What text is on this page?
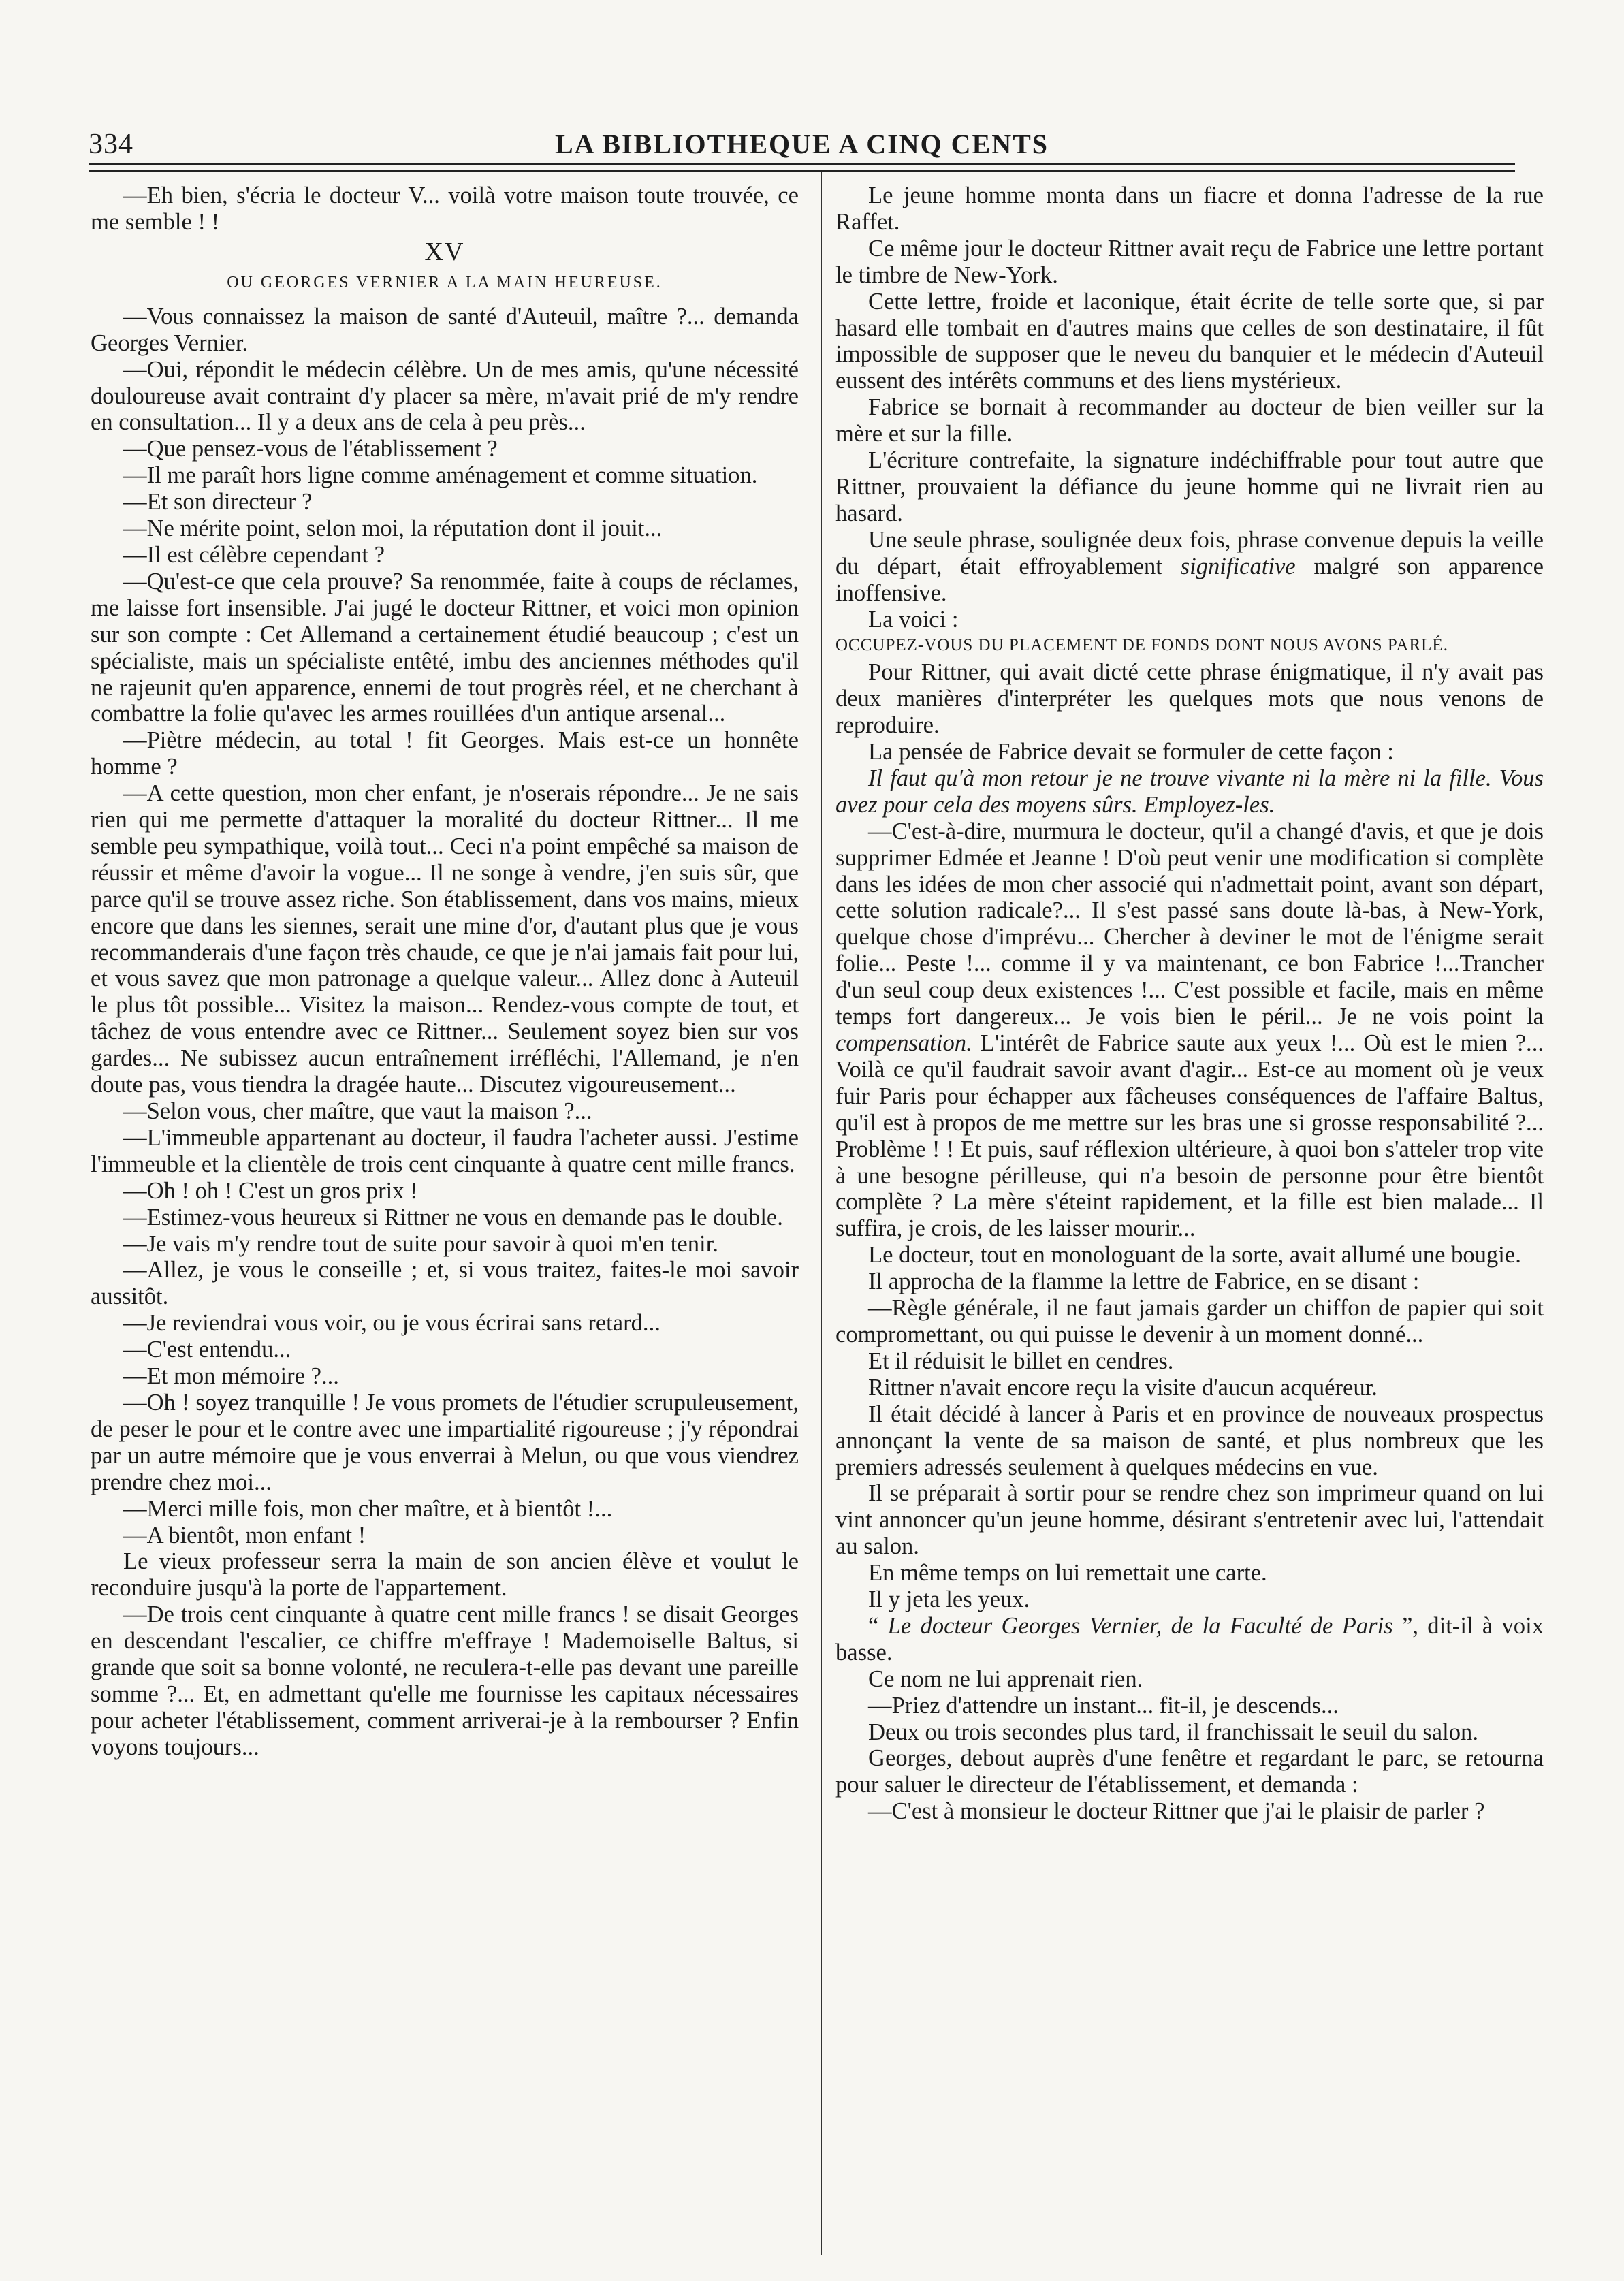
334	LA BIBLIOTHEQUE A CINQ CENTS

—Eh bien, s'écria le docteur V... voilà votre maison toute trouvée, ce me semble ! !

XV
OU GEORGES VERNIER A LA MAIN HEUREUSE.

—Vous connaissez la maison de santé d'Auteuil, maître ?... demanda Georges Vernier.

—Oui, répondit le médecin célèbre. Un de mes amis, qu'une nécessité douloureuse avait contraint d'y placer sa mère, m'avait prié de m'y rendre en consultation... Il y a deux ans de cela à peu près...

—Que pensez-vous de l'établissement ?

—Il me paraît hors ligne comme aménagement et comme situation.

—Et son directeur ?

—Ne mérite point, selon moi, la réputation dont il jouit...

—Il est célèbre cependant ?

—Qu'est-ce que cela prouve? Sa renommée, faite à coups de réclames, me laisse fort insensible. J'ai jugé le docteur Rittner, et voici mon opinion sur son compte : Cet Allemand a certainement étudié beaucoup ; c'est un spécialiste, mais un spécialiste entêté, imbu des anciennes méthodes qu'il ne rajeunit qu'en apparence, ennemi de tout progrès réel, et ne cherchant à combattre la folie qu'avec les armes rouillées d'un antique arsenal...

—Piètre médecin, au total ! fit Georges. Mais est-ce un honnête homme ?

—A cette question, mon cher enfant, je n'oserais répondre... Je ne sais rien qui me permette d'attaquer la moralité du docteur Rittner... Il me semble peu sympathique, voilà tout... Ceci n'a point empêché sa maison de réussir et même d'avoir la vogue... Il ne songe à vendre, j'en suis sûr, que parce qu'il se trouve assez riche. Son établissement, dans vos mains, mieux encore que dans les siennes, serait une mine d'or, d'autant plus que je vous recommanderais d'une façon très chaude, ce que je n'ai jamais fait pour lui, et vous savez que mon patronage a quelque valeur... Allez donc à Auteuil le plus tôt possible... Visitez la maison... Rendez-vous compte de tout, et tâchez de vous entendre avec ce Rittner... Seulement soyez bien sur vos gardes... Ne subissez aucun entraînement irréfléchi, l'Allemand, je n'en doute pas, vous tiendra la dragée haute... Discutez vigoureusement...

—Selon vous, cher maître, que vaut la maison ?...

—L'immeuble appartenant au docteur, il faudra l'acheter aussi. J'estime l'immeuble et la clientèle de trois cent cinquante à quatre cent mille francs.

—Oh ! oh ! C'est un gros prix !

—Estimez-vous heureux si Rittner ne vous en demande pas le double.

—Je vais m'y rendre tout de suite pour savoir à quoi m'en tenir.

—Allez, je vous le conseille ; et, si vous traitez, faites-le moi savoir aussitôt.

—Je reviendrai vous voir, ou je vous écrirai sans retard...

—C'est entendu...

—Et mon mémoire ?...

—Oh ! soyez tranquille ! Je vous promets de l'étudier scrupuleusement, de peser le pour et le contre avec une impartialité rigoureuse ; j'y répondrai par un autre mémoire que je vous enverrai à Melun, ou que vous viendrez prendre chez moi...

—Merci mille fois, mon cher maître, et à bientôt !...

—A bientôt, mon enfant !

Le vieux professeur serra la main de son ancien élève et voulut le reconduire jusqu'à la porte de l'appartement.

—De trois cent cinquante à quatre cent mille francs ! se disait Georges en descendant l'escalier, ce chiffre m'effraye ! Mademoiselle Baltus, si grande que soit sa bonne volonté, ne reculera-t-elle pas devant une pareille somme ?... Et, en admettant qu'elle me fournisse les capitaux nécessaires pour acheter l'établissement, comment arriverai-je à la rembourser ? Enfin voyons toujours...

Le jeune homme monta dans un fiacre et donna l'adresse de la rue Raffet.

Ce même jour le docteur Rittner avait reçu de Fabrice une lettre portant le timbre de New-York.

Cette lettre, froide et laconique, était écrite de telle sorte que, si par hasard elle tombait en d'autres mains que celles de son destinataire, il fût impossible de supposer que le neveu du banquier et le médecin d'Auteuil eussent des intérêts communs et des liens mystérieux.

Fabrice se bornait à recommander au docteur de bien veiller sur la mère et sur la fille.

L'écriture contrefaite, la signature indéchiffrable pour tout autre que Rittner, prouvaient la défiance du jeune homme qui ne livrait rien au hasard.

Une seule phrase, soulignée deux fois, phrase convenue depuis la veille du départ, était effroyablement significative malgré son apparence inoffensive.

La voici :

OCCUPEZ-VOUS DU PLACEMENT DE FONDS DONT NOUS AVONS PARLÉ.

Pour Rittner, qui avait dicté cette phrase énigmatique, il n'y avait pas deux manières d'interpréter les quelques mots que nous venons de reproduire.

La pensée de Fabrice devait se formuler de cette façon :

Il faut qu'à mon retour je ne trouve vivante ni la mère ni la fille. Vous avez pour cela des moyens sûrs. Employez-les.

—C'est-à-dire, murmura le docteur, qu'il a changé d'avis, et que je dois supprimer Edmée et Jeanne ! D'où peut venir une modification si complète dans les idées de mon cher associé qui n'admettait point, avant son départ, cette solution radicale?... Il s'est passé sans doute là-bas, à New-York, quelque chose d'imprévu... Chercher à deviner le mot de l'énigme serait folie... Peste !... comme il y va maintenant, ce bon Fabrice !...Trancher d'un seul coup deux existences !... C'est possible et facile, mais en même temps fort dangereux... Je vois bien le péril... Je ne vois point la compensation. L'intérêt de Fabrice saute aux yeux !... Où est le mien ?... Voilà ce qu'il faudrait savoir avant d'agir... Est-ce au moment où je veux fuir Paris pour échapper aux fâcheuses conséquences de l'affaire Baltus, qu'il est à propos de me mettre sur les bras une si grosse responsabilité ?... Problème ! ! Et puis, sauf réflexion ultérieure, à quoi bon s'atteler trop vite à une besogne périlleuse, qui n'a besoin de personne pour être bientôt complète ? La mère s'éteint rapidement, et la fille est bien malade... Il suffira, je crois, de les laisser mourir...

Le docteur, tout en monologuant de la sorte, avait allumé une bougie.

Il approcha de la flamme la lettre de Fabrice, en se disant :

—Règle générale, il ne faut jamais garder un chiffon de papier qui soit compromettant, ou qui puisse le devenir à un moment donné...

Et il réduisit le billet en cendres.

Rittner n'avait encore reçu la visite d'aucun acquéreur.

Il était décidé à lancer à Paris et en province de nouveaux prospectus annonçant la vente de sa maison de santé, et plus nombreux que les premiers adressés seulement à quelques médecins en vue.

Il se préparait à sortir pour se rendre chez son imprimeur quand on lui vint annoncer qu'un jeune homme, désirant s'entretenir avec lui, l'attendait au salon.

En même temps on lui remettait une carte.

Il y jeta les yeux.

“ Le docteur Georges Vernier, de la Faculté de Paris ”, dit-il à voix basse.

Ce nom ne lui apprenait rien.

—Priez d'attendre un instant... fit-il, je descends...

Deux ou trois secondes plus tard, il franchissait le seuil du salon.

Georges, debout auprès d'une fenêtre et regardant le parc, se retourna pour saluer le directeur de l'établissement, et demanda :

—C'est à monsieur le docteur Rittner que j'ai le plaisir de parler ?
